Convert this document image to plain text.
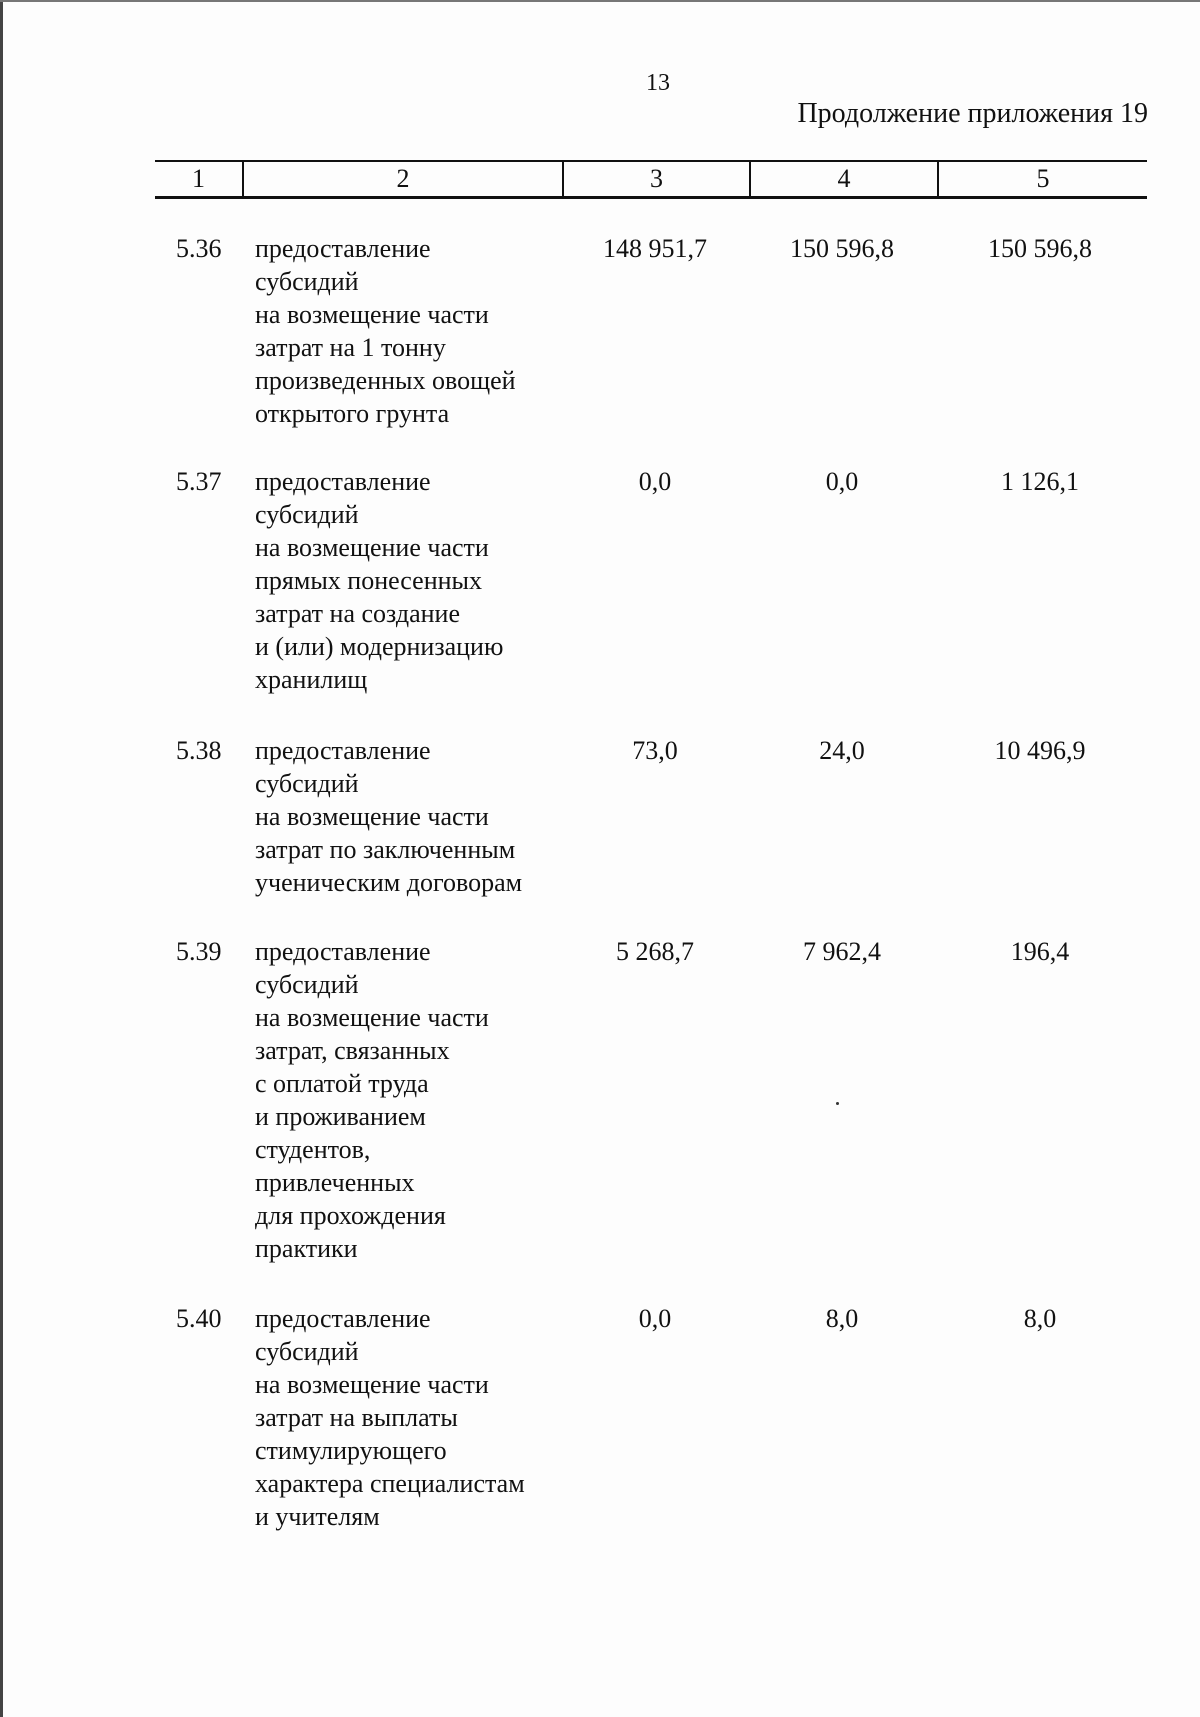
13
Продолжение приложения 19
1	2	3	4	5
5.36 предоставление
субсидий
на возмещение части
затрат на 1 тонну
произведенных овощей
открытого грунта
148 951,7	150 596,8	150 596,8
5.37 предоставление
субсидий
на возмещение части
прямых понесенных
затрат на создание
и (или) модернизацию
хранилищ
0,0	0,0	1 126,1
5.38 предоставление
субсидий
на возмещение части
затрат по заключенным
ученическим договорам
73,0	24,0	10 496,9
5.39 предоставление
субсидий
на возмещение части
затрат, связанных
с оплатой труда
и проживанием
студентов,
привлеченных
для прохождения
практики
5 268,7	7 962,4	196,4
5.40 предоставление
субсидий
на возмещение части
затрат на выплаты
стимулирующего
характера специалистам
и учителям
0,0	8,0	8,0
